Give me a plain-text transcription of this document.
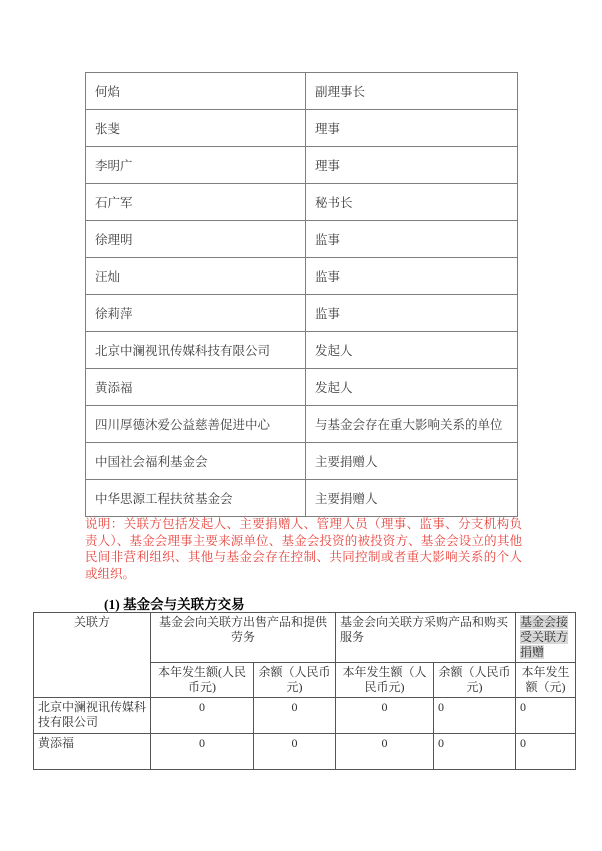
何焰	副理事长
张斐	理事
李明广	理事
石广军	秘书长
徐理明	监事
汪灿	监事
徐莉萍	监事
北京中澜视讯传媒科技有限公司	发起人
黄添福	发起人
四川厚德沐爱公益慈善促进中心	与基金会存在重大影响关系的单位
中国社会福利基金会	主要捐赠人
中华思源工程扶贫基金会	主要捐赠人

说明：关联方包括发起人、主要捐赠人、管理人员（理事、监事、分支机构负责人）、基金会理事主要来源单位、基金会投资的被投资方、基金会设立的其他民间非营利组织、其他与基金会存在控制、共同控制或者重大影响关系的个人或组织。

(1) 基金会与关联方交易
关联方	基金会向关联方出售产品和提供劳务		基金会向关联方采购产品和购买服务		基金会接受关联方捐赠
	本年发生额(人民币元)	余额（人民币元)	本年发生额（人民币元)	余额（人民币元)	本年发生额（元)
北京中澜视讯传媒科技有限公司	0	0	0	0	0
黄添福	0	0	0	0	0
